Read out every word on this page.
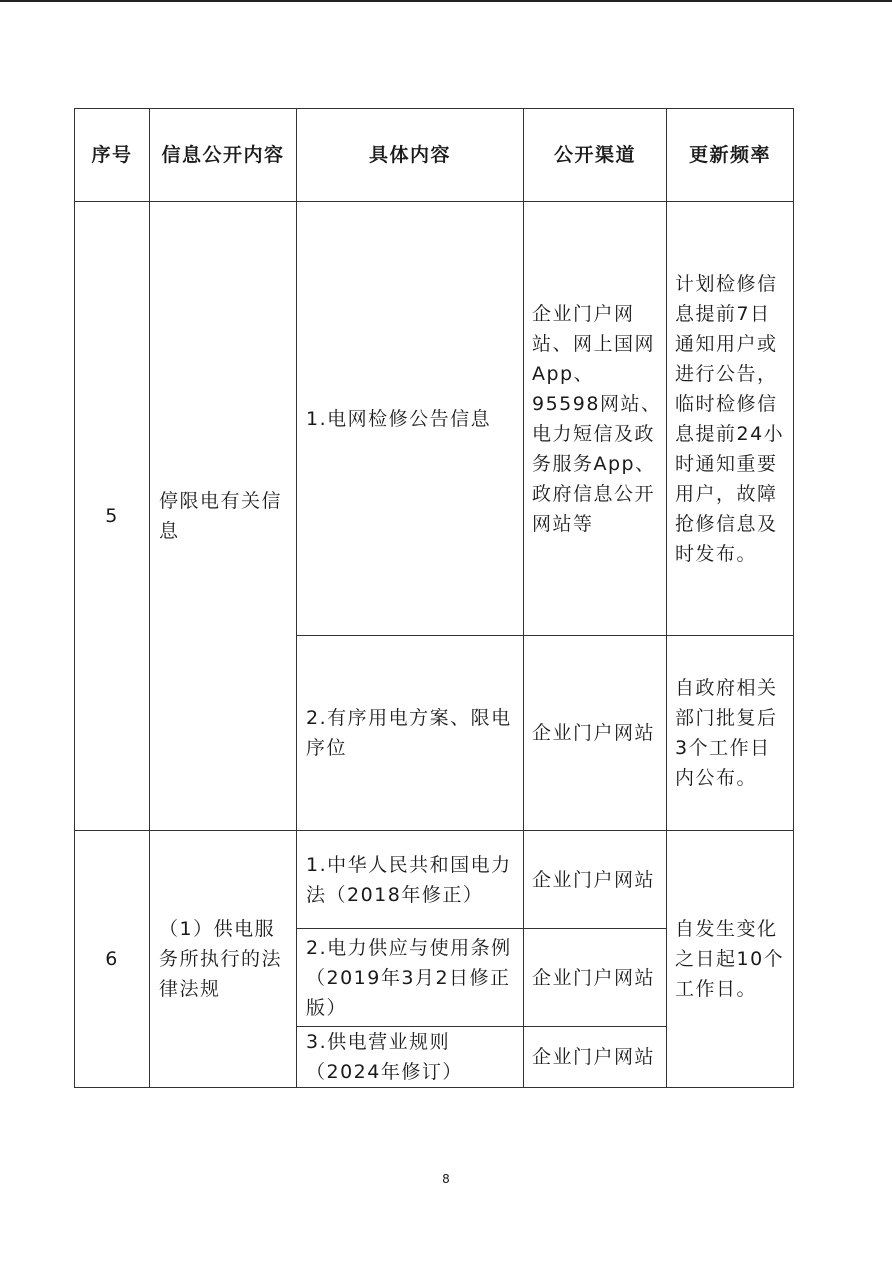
序号	信息公开内容	具体内容	公开渠道	更新频率
5	停限电有关信息	1.电网检修公告信息	企业门户网站、网上国网App、95598网站、电力短信及政务服务App、政府信息公开网站等	计划检修信息提前7日通知用户或进行公告，临时检修信息提前24小时通知重要用户，故障抢修信息及时发布。
		2.有序用电方案、限电序位	企业门户网站	自政府相关部门批复后3个工作日内公布。
6	（1）供电服务所执行的法律法规	1.中华人民共和国电力法（2018年修正）	企业门户网站	自发生变化之日起10个工作日。
		2.电力供应与使用条例（2019年3月2日修正版）	企业门户网站	
		3.供电营业规则（2024年修订）	企业门户网站	
8
